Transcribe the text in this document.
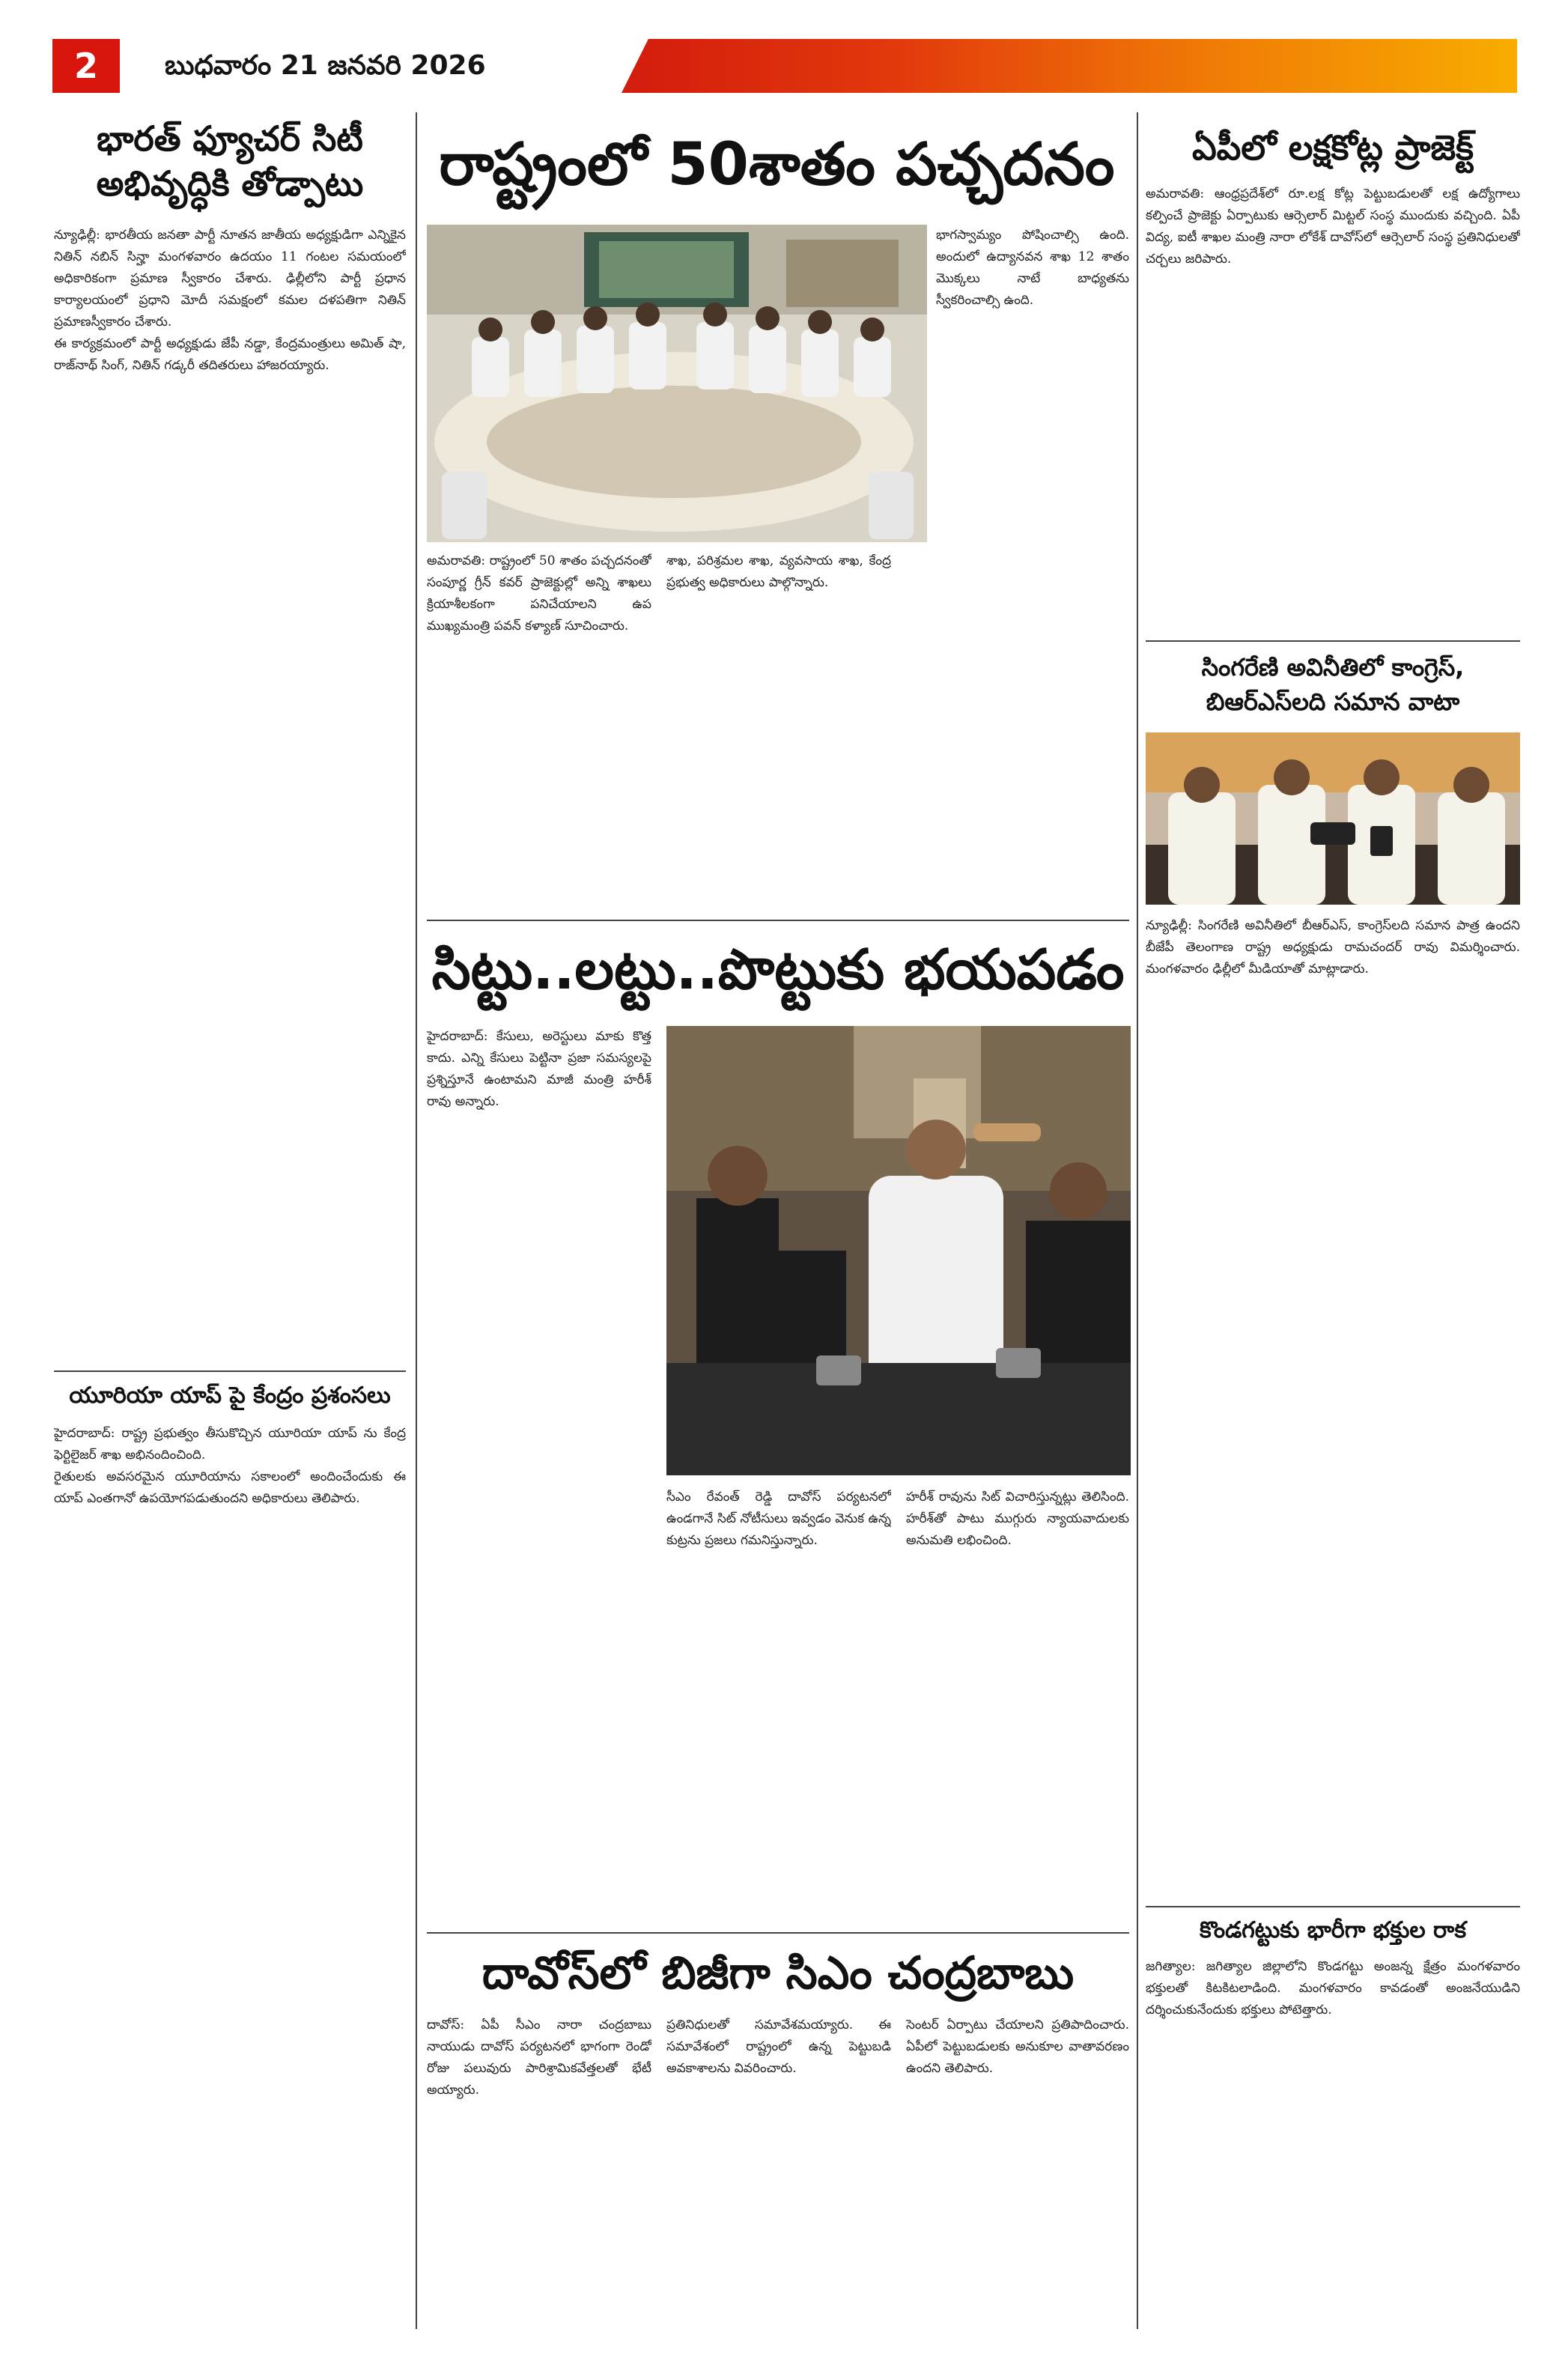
2	బుధవారం 21 జనవరి 2026
భారత్ ఫ్యూచర్ సిటీ
అభివృద్ధికి తోడ్పాటు

న్యూఢిల్లీ: భారతీయ జనతా పార్టీ నూతన జాతీయ అధ్యక్షుడిగా ఎన్నికైన నితిన్ నబిన్ సిన్హా మంగళవారం ఉదయం 11 గంటల సమయంలో అధికారికంగా ప్రమాణ స్వీకారం చేశారు. ఢిల్లీలోని పార్టీ ప్రధాన కార్యాలయంలో ప్రధాని మోదీ సమక్షంలో కమల దళపతిగా నితిన్ ప్రమాణస్వీకారం చేశారు.

ఈ కార్యక్రమంలో పార్టీ అధ్యక్షుడు జేపీ నడ్డా, కేంద్రమంత్రులు అమిత్ షా, రాజ్‌నాథ్ సింగ్, నితిన్ గడ్కరీ తదితరులు హాజరయ్యారు.

యూరియా యాప్ పై కేంద్రం ప్రశంసలు

హైదరాబాద్: రాష్ట్ర ప్రభుత్వం తీసుకొచ్చిన యూరియా యాప్ ను కేంద్ర ఫెర్టిలైజర్ శాఖ అభినందించింది.

రైతులకు అవసరమైన యూరియాను సకాలంలో అందించేందుకు ఈ యాప్ ఎంతగానో ఉపయోగపడుతుందని అధికారులు తెలిపారు.

రాష్ట్రంలో 50శాతం పచ్చదనం

భాగస్వామ్యం పోషించాల్సి ఉంది. అందులో ఉద్యానవన శాఖ 12 శాతం మొక్కలు నాటే బాధ్యతను స్వీకరించాల్సి ఉంది.

అమరావతి: రాష్ట్రంలో 50 శాతం పచ్చదనంతో సంపూర్ణ గ్రీన్ కవర్ ప్రాజెక్టుల్లో అన్ని శాఖలు క్రియాశీలకంగా పనిచేయాలని ఉప ముఖ్యమంత్రి పవన్ కళ్యాణ్ సూచించారు.

శాఖ, పరిశ్రమల శాఖ, వ్యవసాయ శాఖ, కేంద్ర ప్రభుత్వ అధికారులు పాల్గొన్నారు.

సిట్టు..లట్టు..పొట్టుకు భయపడం

హైదరాబాద్: కేసులు, అరెస్టులు మాకు కొత్త కాదు. ఎన్ని కేసులు పెట్టినా ప్రజా సమస్యలపై ప్రశ్నిస్తూనే ఉంటామని మాజీ మంత్రి హరీశ్ రావు అన్నారు.

సీఎం రేవంత్ రెడ్డి దావోస్ పర్యటనలో ఉండగానే సిట్ నోటీసులు ఇవ్వడం వెనుక ఉన్న కుట్రను ప్రజలు గమనిస్తున్నారు.

హరీశ్ రావును సిట్ విచారిస్తున్నట్లు తెలిసింది. హరీశ్‌తో పాటు ముగ్గురు న్యాయవాదులకు అనుమతి లభించింది.

దావోస్‌లో బిజీగా సిఎం చంద్రబాబు

దావోస్: ఏపీ సీఎం నారా చంద్రబాబు నాయుడు దావోస్ పర్యటనలో భాగంగా రెండో రోజు పలువురు పారిశ్రామికవేత్తలతో భేటీ అయ్యారు.

ప్రతినిధులతో సమావేశమయ్యారు. ఈ సమావేశంలో రాష్ట్రంలో ఉన్న పెట్టుబడి అవకాశాలను వివరించారు.

సెంటర్ ఏర్పాటు చేయాలని ప్రతిపాదించారు. ఏపీలో పెట్టుబడులకు అనుకూల వాతావరణం ఉందని తెలిపారు.

ఏపీలో లక్షకోట్ల ప్రాజెక్ట్

అమరావతి: ఆంధ్రప్రదేశ్‌లో రూ.లక్ష కోట్ల పెట్టుబడులతో లక్ష ఉద్యోగాలు కల్పించే ప్రాజెక్టు ఏర్పాటుకు ఆర్సెలార్ మిట్టల్ సంస్థ ముందుకు వచ్చింది. ఏపీ విద్య, ఐటీ శాఖల మంత్రి నారా లోకేశ్ దావోస్‌లో ఆర్సెలార్ సంస్థ ప్రతినిధులతో చర్చలు జరిపారు.

సింగరేణి అవినీతిలో కాంగ్రెస్,
బిఆర్ఎస్‌లది సమాన వాటా

న్యూఢిల్లీ: సింగరేణి అవినీతిలో బీఆర్ఎస్, కాంగ్రెస్‌లది సమాన పాత్ర ఉందని బీజేపీ తెలంగాణ రాష్ట్ర అధ్యక్షుడు రామచందర్ రావు విమర్శించారు. మంగళవారం ఢిల్లీలో మీడియాతో మాట్లాడారు.

కొండగట్టుకు భారీగా భక్తుల రాక

జగిత్యాల: జగిత్యాల జిల్లాలోని కొండగట్టు అంజన్న క్షేత్రం మంగళవారం భక్తులతో కిటకిటలాడింది. మంగళవారం కావడంతో అంజనేయుడిని దర్శించుకునేందుకు భక్తులు పోటెత్తారు.
